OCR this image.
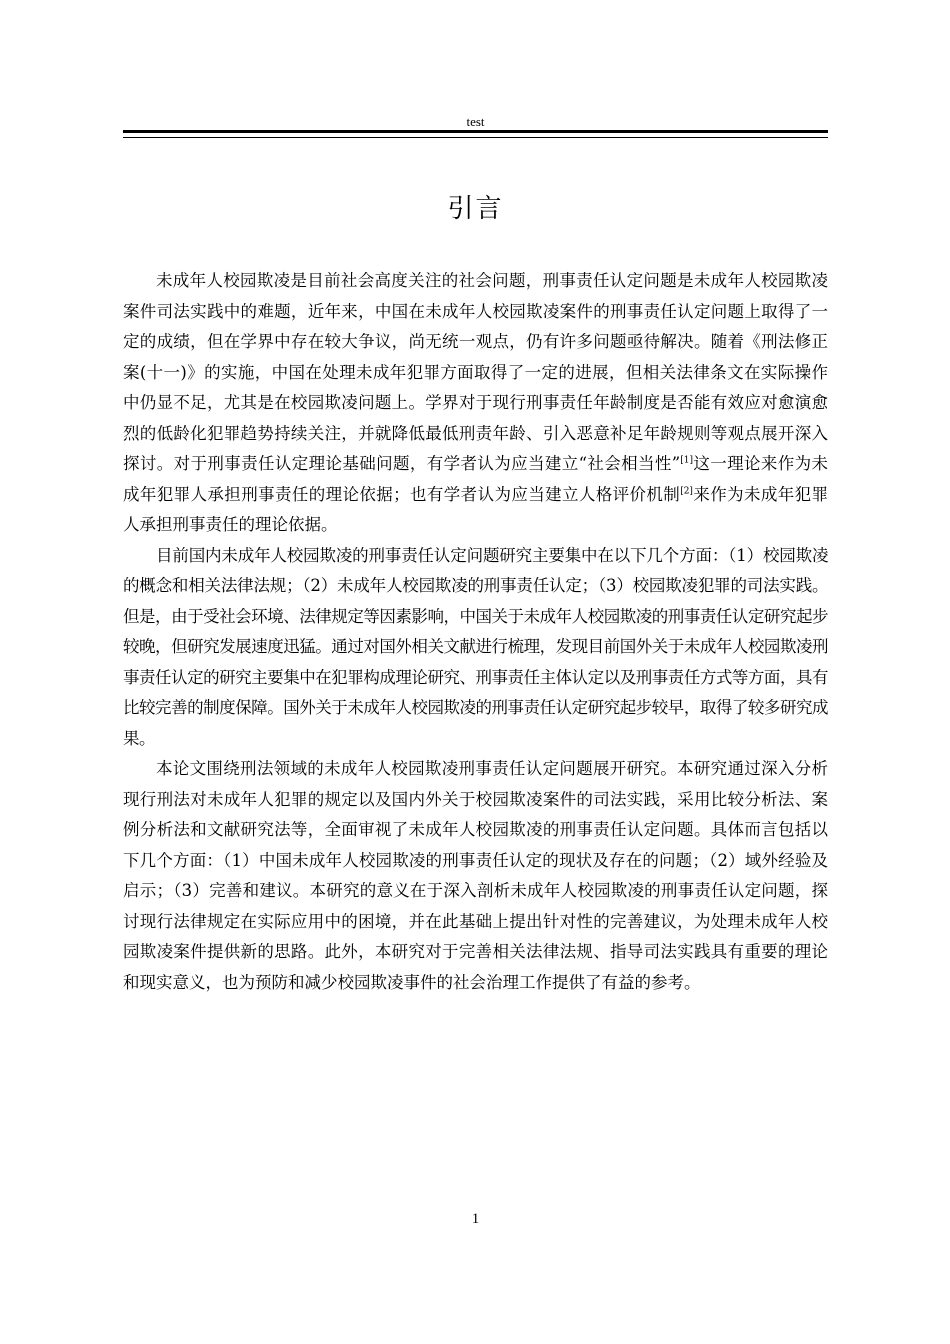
test
引言

未成年人校园欺凌是目前社会高度关注的社会问题，刑事责任认定问题是未成年人校园欺凌案件司法实践中的难题，近年来，中国在未成年人校园欺凌案件的刑事责任认定问题上取得了一定的成绩，但在学界中存在较大争议，尚无统一观点，仍有许多问题亟待解决。随着《刑法修正案(十一)》的实施，中国在处理未成年犯罪方面取得了一定的进展，但相关法律条文在实际操作中仍显不足，尤其是在校园欺凌问题上。学界对于现行刑事责任年龄制度是否能有效应对愈演愈烈的低龄化犯罪趋势持续关注，并就降低最低刑责年龄、引入恶意补足年龄规则等观点展开深入探讨。对于刑事责任认定理论基础问题，有学者认为应当建立“社会相当性”[1]这一理论来作为未成年犯罪人承担刑事责任的理论依据；也有学者认为应当建立人格评价机制[2]来作为未成年犯罪人承担刑事责任的理论依据。

目前国内未成年人校园欺凌的刑事责任认定问题研究主要集中在以下几个方面：（1）校园欺凌的概念和相关法律法规；（2）未成年人校园欺凌的刑事责任认定；（3）校园欺凌犯罪的司法实践。但是，由于受社会环境、法律规定等因素影响，中国关于未成年人校园欺凌的刑事责任认定研究起步较晚，但研究发展速度迅猛。通过对国外相关文献进行梳理，发现目前国外关于未成年人校园欺凌刑事责任认定的研究主要集中在犯罪构成理论研究、刑事责任主体认定以及刑事责任方式等方面，具有比较完善的制度保障。国外关于未成年人校园欺凌的刑事责任认定研究起步较早，取得了较多研究成果。

本论文围绕刑法领域的未成年人校园欺凌刑事责任认定问题展开研究。本研究通过深入分析现行刑法对未成年人犯罪的规定以及国内外关于校园欺凌案件的司法实践，采用比较分析法、案例分析法和文献研究法等，全面审视了未成年人校园欺凌的刑事责任认定问题。具体而言包括以下几个方面：（1）中国未成年人校园欺凌的刑事责任认定的现状及存在的问题；（2）域外经验及启示；（3）完善和建议。本研究的意义在于深入剖析未成年人校园欺凌的刑事责任认定问题，探讨现行法律规定在实际应用中的困境，并在此基础上提出针对性的完善建议，为处理未成年人校园欺凌案件提供新的思路。此外，本研究对于完善相关法律法规、指导司法实践具有重要的理论和现实意义，也为预防和减少校园欺凌事件的社会治理工作提供了有益的参考。

1
